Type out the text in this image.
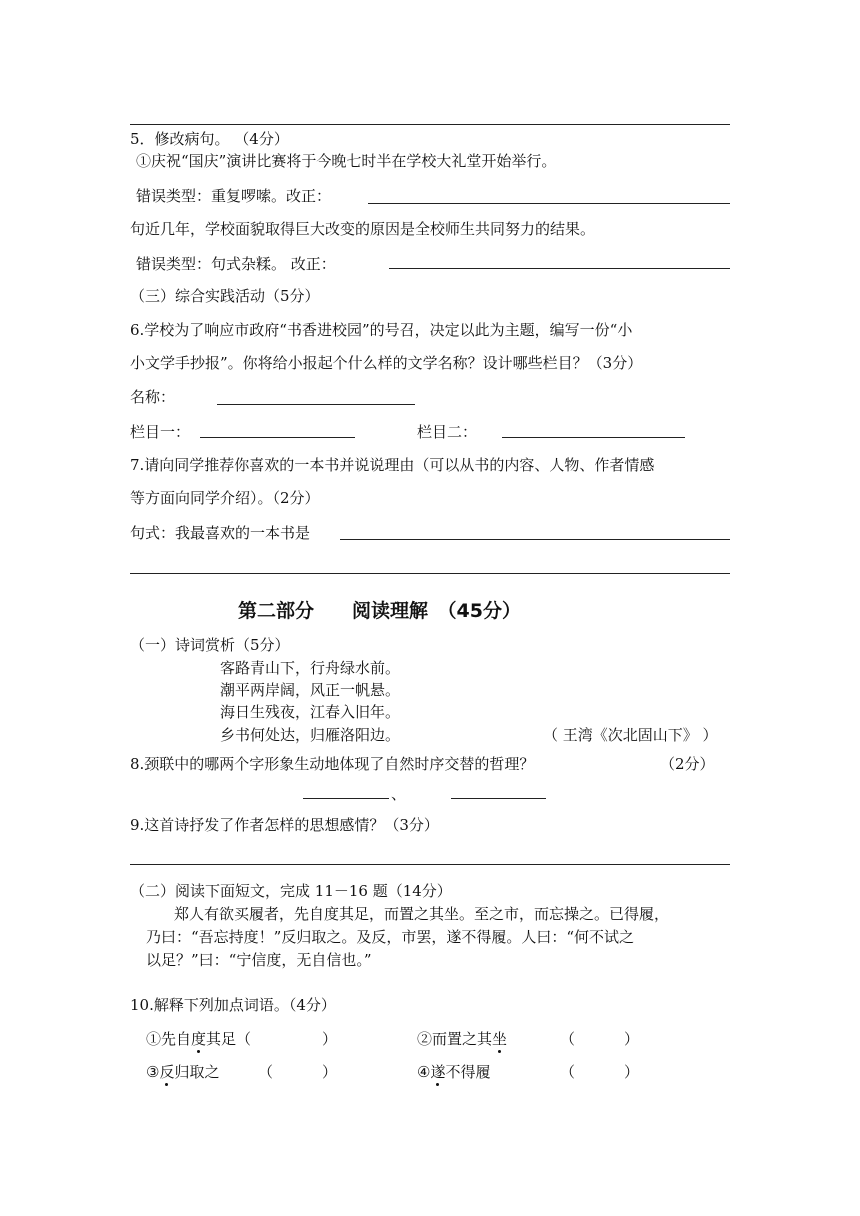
5．修改病句。 （4分）
①庆祝“国庆”演讲比赛将于今晚七时半在学校大礼堂开始举行。
错误类型：重复啰嗦。改正：
句近几年，学校面貌取得巨大改变的原因是全校师生共同努力的结果。
错误类型：句式杂糅。 改正：
（三）综合实践活动（5分）
6.学校为了响应市政府“书香进校园”的号召，决定以此为主题，编写一份“小
小文学手抄报”。你将给小报起个什么样的文学名称？设计哪些栏目？（3分）
名称：
栏目一：	栏目二：
7.请向同学推荐你喜欢的一本书并说说理由（可以从书的内容、人物、作者情感
等方面向同学介绍）。（2分）
句式：我最喜欢的一本书是
第二部分　　阅读理解　（45分）
（一）诗词赏析（5分）
客路青山下，行舟绿水前。
潮平两岸阔，风正一帆悬。
海日生残夜，江春入旧年。
乡书何处达，归雁洛阳边。	（ 王湾《次北固山下》 ）
8.颈联中的哪两个字形象生动地体现了自然时序交替的哲理？	（2分）
、
9.这首诗抒发了作者怎样的思想感情？（3分）
（二）阅读下面短文，完成 11－16 题（14分）
郑人有欲买履者，先自度其足，而置之其坐。至之市，而忘操之。已得履，
乃曰：“吾忘持度！”反归取之。及反，市罢，遂不得履。人曰：“何不试之
以足？”曰：“宁信度，无自信也。”
10.解释下列加点词语。（4分）
①先自度其足（	）	②而置之其坐	（	）
③反归取之	（	）	④遂不得履	（	）
